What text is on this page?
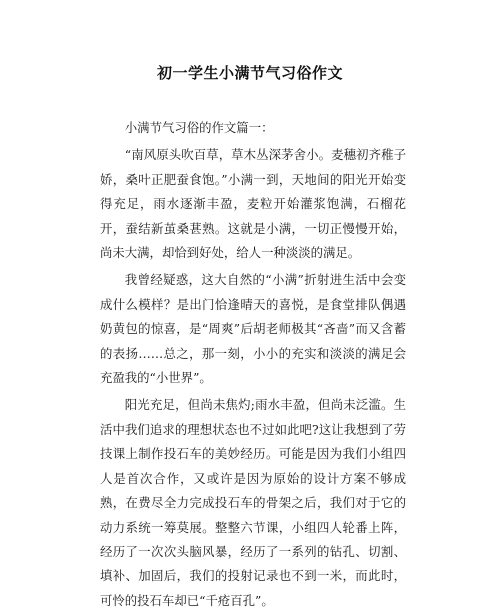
初一学生小满节气习俗作文

小满节气习俗的作文篇一：

“南风原头吹百草，草木丛深茅舍小。麦穗初齐稚子娇，桑叶正肥蚕食饱。”小满一到，天地间的阳光开始变得充足，雨水逐渐丰盈，麦粒开始灌浆饱满，石榴花开，蚕结新茧桑葚熟。这就是小满，一切正慢慢开始，尚未大满，却恰到好处，给人一种淡淡的满足。

我曾经疑惑，这大自然的“小满”折射进生活中会变成什么模样？是出门恰逢晴天的喜悦，是食堂排队偶遇奶黄包的惊喜，是“周爽”后胡老师极其“吝啬”而又含蓄的表扬……总之，那一刻，小小的充实和淡淡的满足会充盈我的“小世界”。

阳光充足，但尚未焦灼;雨水丰盈，但尚未泛滥。生活中我们追求的理想状态也不过如此吧?这让我想到了劳技课上制作投石车的美妙经历。可能是因为我们小组四人是首次合作，又或许是因为原始的设计方案不够成熟，在费尽全力完成投石车的骨架之后，我们对于它的动力系统一筹莫展。整整六节课，小组四人轮番上阵，经历了一次次头脑风暴，经历了一系列的钻孔、切割、填补、加固后，我们的投射记录也不到一米，而此时，可怜的投石车却已“千疮百孔”。
